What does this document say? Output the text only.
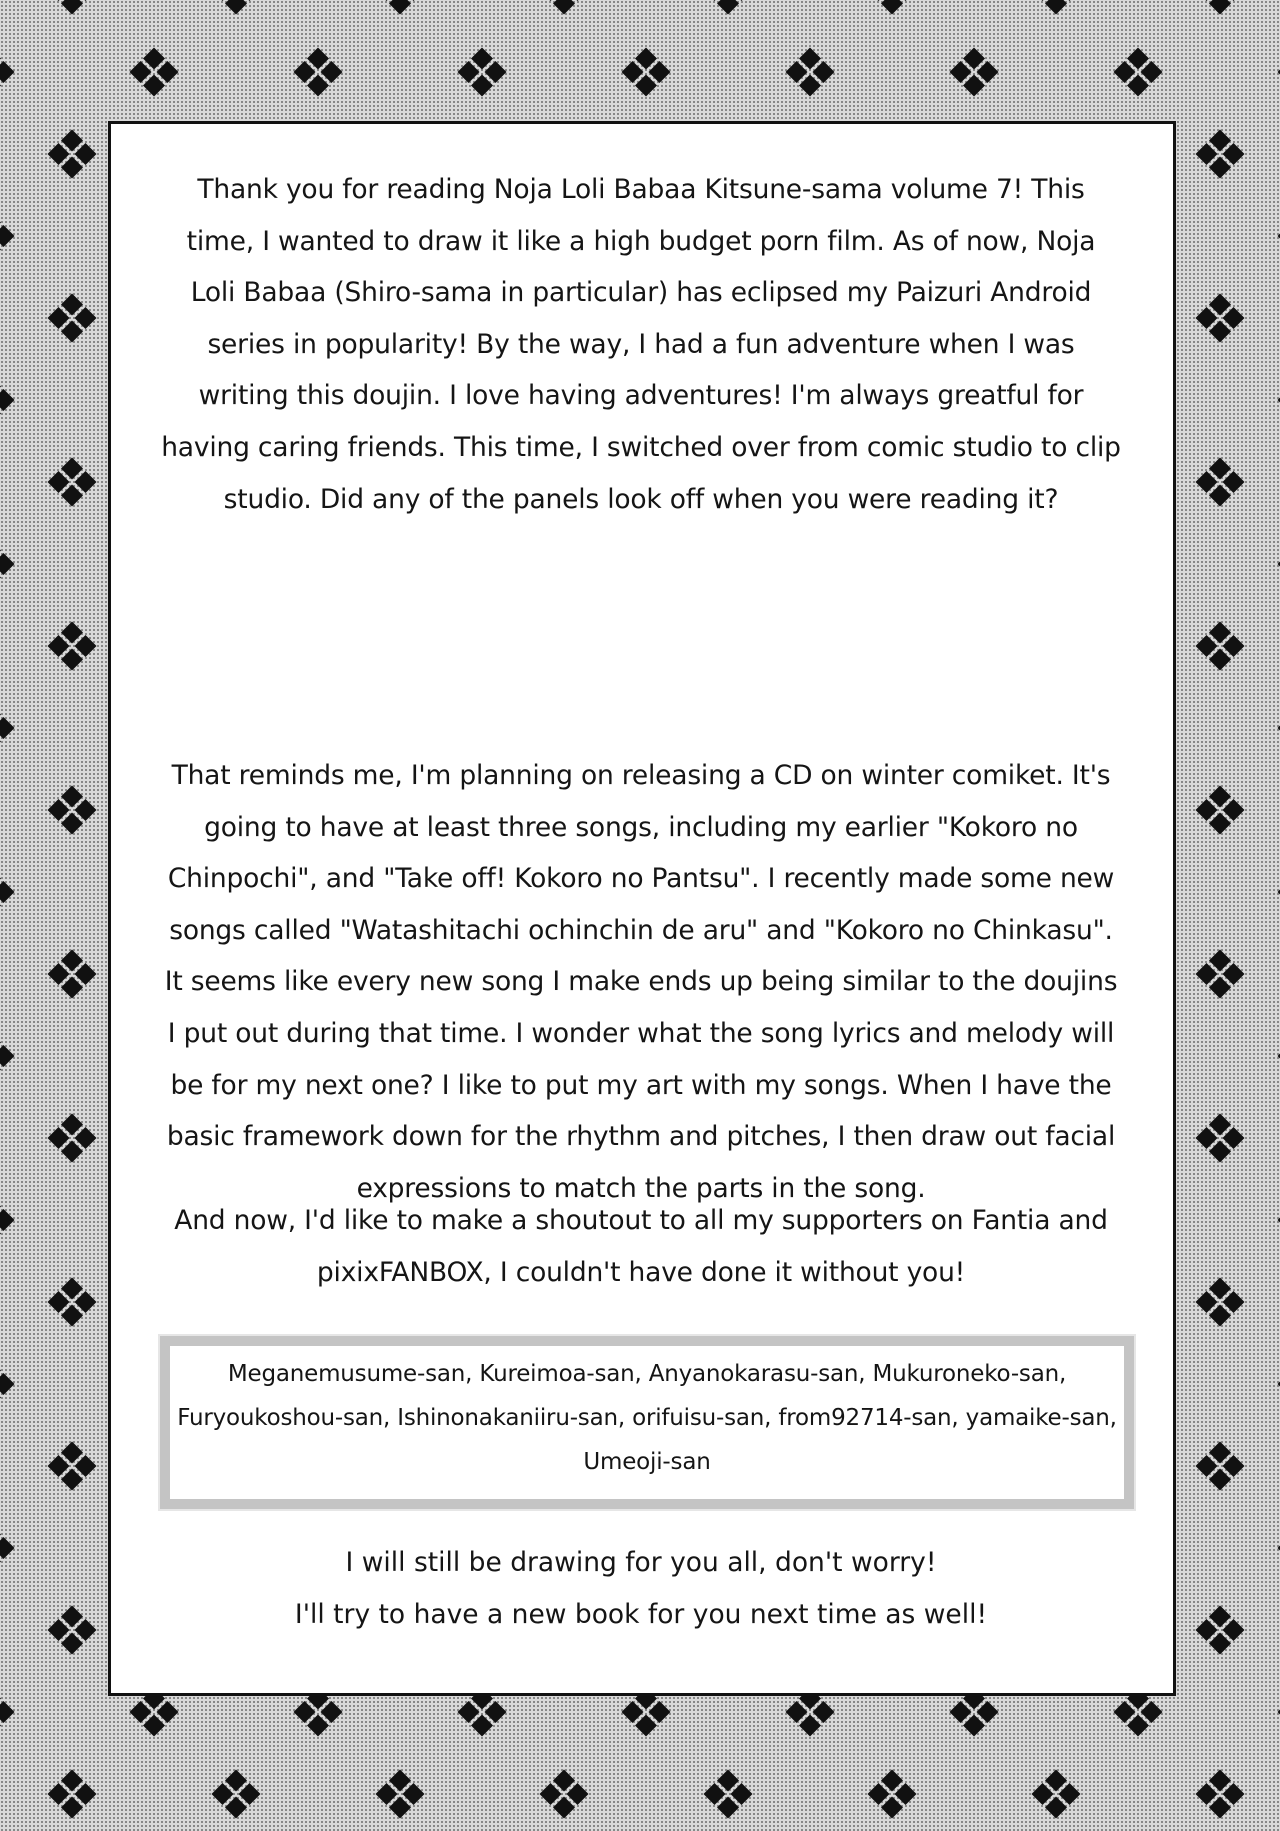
Thank you for reading Noja Loli Babaa Kitsune-sama volume 7! This time, I wanted to draw it like a high budget porn film. As of now, Noja Loli Babaa (Shiro-sama in particular) has eclipsed my Paizuri Android series in popularity! By the way, I had a fun adventure when I was writing this doujin. I love having adventures! I'm always greatful for having caring friends. This time, I switched over from comic studio to clip studio. Did any of the panels look off when you were reading it?

That reminds me, I'm planning on releasing a CD on winter comiket. It's going to have at least three songs, including my earlier "Kokoro no Chinpochi", and "Take off! Kokoro no Pantsu". I recently made some new songs called "Watashitachi ochinchin de aru" and "Kokoro no Chinkasu". It seems like every new song I make ends up being similar to the doujins I put out during that time. I wonder what the song lyrics and melody will be for my next one? I like to put my art with my songs. When I have the basic framework down for the rhythm and pitches, I then draw out facial expressions to match the parts in the song.

And now, I'd like to make a shoutout to all my supporters on Fantia and pixixFANBOX, I couldn't have done it without you!

Meganemusume-san, Kureimoa-san, Anyanokarasu-san, Mukuroneko-san, Furyoukoshou-san, Ishinonakaniiru-san, orifuisu-san, from92714-san, yamaike-san, Umeoji-san

I will still be drawing for you all, don't worry!
I'll try to have a new book for you next time as well!
